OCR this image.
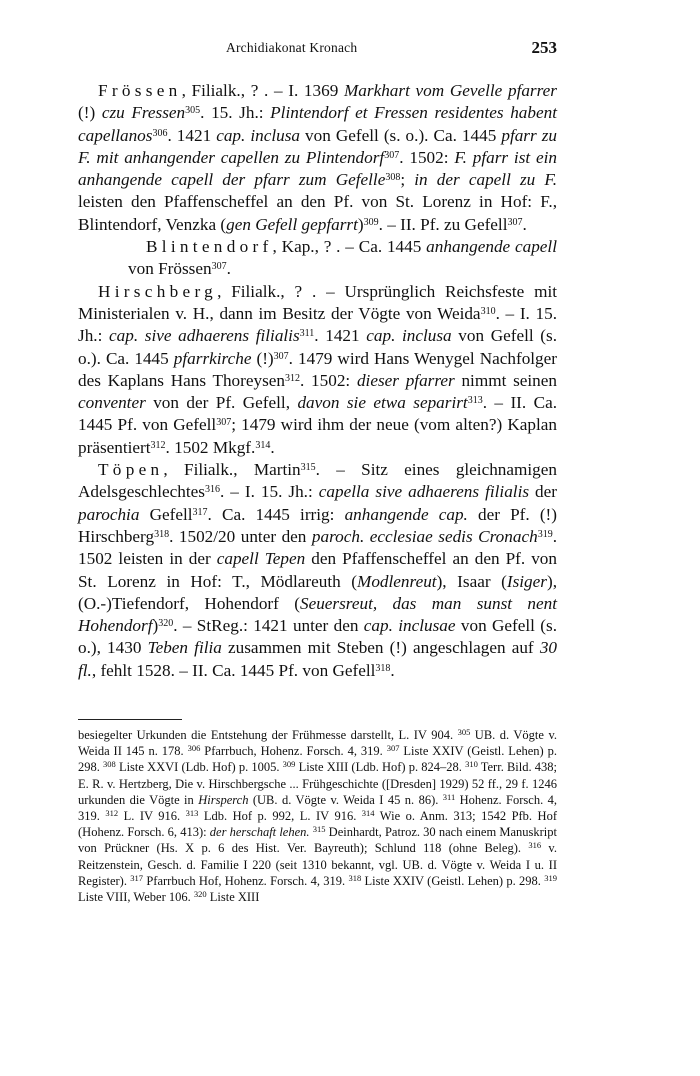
Archidiakonat Kronach	253

Frössen, Filialk., ? . – I. 1369 Markhart vom Gevelle pfarrer (!) czu Fressen$^{305}$. 15. Jh.: Plintendorf et Fressen residentes habent capellanos$^{306}$. 1421 cap. inclusa von Gefell (s. o.). Ca. 1445 pfarr zu F. mit anhangender capellen zu Plintendorf$^{307}$. 1502: F. pfarr ist ein anhangende capell der pfarr zum Gefelle$^{308}$; in der capell zu F. leisten den Pfaffenscheffel an den Pf. von St. Lorenz in Hof: F., Blintendorf, Venzka (gen Gefell gepfarrt)$^{309}$. – II. Pf. zu Gefell$^{307}$.

Blintendorf, Kap., ? . – Ca. 1445 anhangende capell von Frössen$^{307}$.

Hirschberg, Filialk., ? . – Ursprünglich Reichsfeste mit Ministerialen v. H., dann im Besitz der Vögte von Weida$^{310}$. – I. 15. Jh.: cap. sive adhaerens filialis$^{311}$. 1421 cap. inclusa von Gefell (s. o.). Ca. 1445 pfarrkirche (!)$^{307}$. 1479 wird Hans Wenygel Nachfolger des Kaplans Hans Thoreysen$^{312}$. 1502: dieser pfarrer nimmt seinen conventer von der Pf. Gefell, davon sie etwa separirt$^{313}$. – II. Ca. 1445 Pf. von Gefell$^{307}$; 1479 wird ihm der neue (vom alten?) Kaplan präsentiert$^{312}$. 1502 Mkgf.$^{314}$.

Töpen, Filialk., Martin$^{315}$. – Sitz eines gleichnamigen Adelsgeschlechtes$^{316}$. – I. 15. Jh.: capella sive adhaerens filialis der parochia Gefell$^{317}$. Ca. 1445 irrig: anhangende cap. der Pf. (!) Hirschberg$^{318}$. 1502/20 unter den paroch. ecclesiae sedis Cronach$^{319}$. 1502 leisten in der capell Tepen den Pfaffenscheffel an den Pf. von St. Lorenz in Hof: T., Mödlareuth (Modlenreut), Isaar (Isiger), (O.-)Tiefendorf, Hohendorf (Seuersreut, das man sunst nent Hohendorf)$^{320}$. – StReg.: 1421 unter den cap. inclusae von Gefell (s. o.), 1430 Teben filia zusammen mit Steben (!) angeschlagen auf 30 fl., fehlt 1528. – II. Ca. 1445 Pf. von Gefell$^{318}$.

besiegelter Urkunden die Entstehung der Frühmesse darstellt, L. IV 904. $^{305}$ UB. d. Vögte v. Weida II 145 n. 178. $^{306}$ Pfarrbuch, Hohenz. Forsch. 4, 319. $^{307}$ Liste XXIV (Geistl. Lehen) p. 298. $^{308}$ Liste XXVI (Ldb. Hof) p. 1005. $^{309}$ Liste XIII (Ldb. Hof) p. 824–28. $^{310}$ Terr. Bild. 438; E. R. v. Hertzberg, Die v. Hirschbergsche ... Frühgeschichte ([Dresden] 1929) 52 ff., 29 f. 1246 urkunden die Vögte in Hirsperch (UB. d. Vögte v. Weida I 45 n. 86). $^{311}$ Hohenz. Forsch. 4, 319. $^{312}$ L. IV 916. $^{313}$ Ldb. Hof p. 992, L. IV 916. $^{314}$ Wie o. Anm. 313; 1542 Pfb. Hof (Hohenz. Forsch. 6, 413): der herschaft lehen. $^{315}$ Deinhardt, Patroz. 30 nach einem Manuskript von Prückner (Hs. X p. 6 des Hist. Ver. Bayreuth); Schlund 118 (ohne Beleg). $^{316}$ v. Reitzenstein, Gesch. d. Familie I 220 (seit 1310 bekannt, vgl. UB. d. Vögte v. Weida I u. II Register). $^{317}$ Pfarrbuch Hof, Hohenz. Forsch. 4, 319. $^{318}$ Liste XXIV (Geistl. Lehen) p. 298. $^{319}$ Liste VIII, Weber 106. $^{320}$ Liste XIII
